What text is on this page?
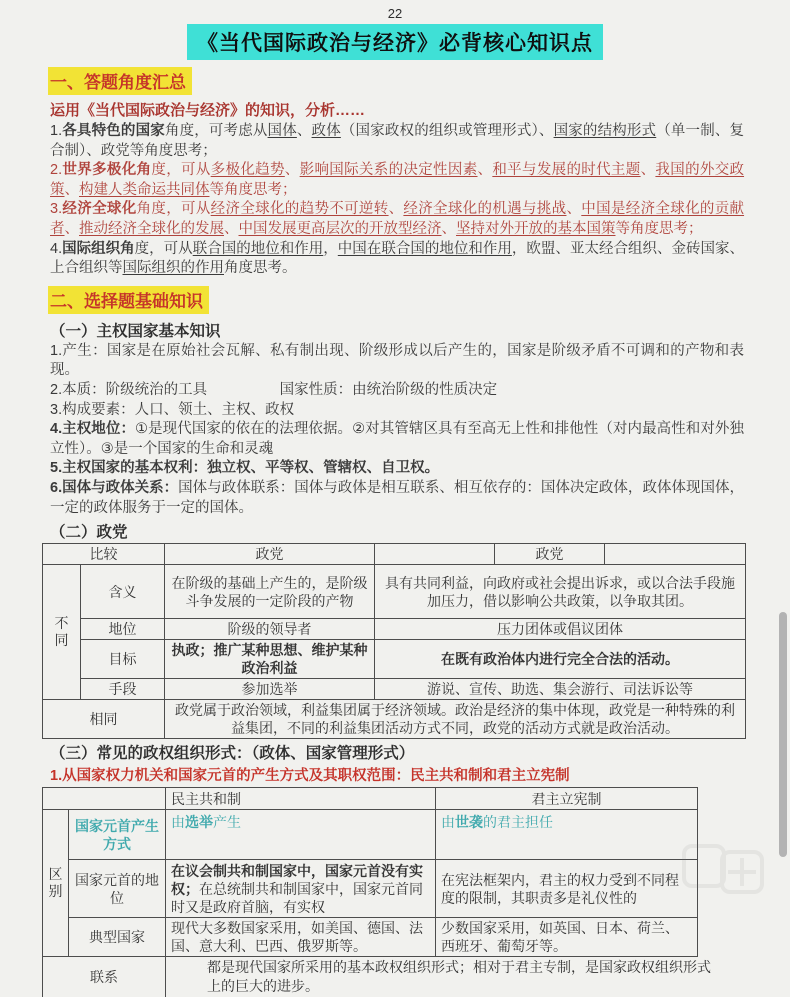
22
《当代国际政治与经济》必背核心知识点
一、答题角度汇总

运用《当代国际政治与经济》的知识，分析……

1.各具特色的国家角度，可考虑从国体、政体（国家政权的组织或管理形式）、国家的结构形式（单一制、复合制）、政党等角度思考；

2.世界多极化角度，可从多极化趋势、影响国际关系的决定性因素、和平与发展的时代主题、我国的外交政策、构建人类命运共同体等角度思考；

3.经济全球化角度，可从经济全球化的趋势不可逆转、经济全球化的机遇与挑战、中国是经济全球化的贡献者、推动经济全球化的发展、中国发展更高层次的开放型经济、坚持对外开放的基本国策等角度思考；

4.国际组织角度，可从联合国的地位和作用，中国在联合国的地位和作用，欧盟、亚太经合组织、金砖国家、上合组织等国际组织的作用角度思考。

二、选择题基础知识
（一）主权国家基本知识

1.产生：国家是在原始社会瓦解、私有制出现、阶级形成以后产生的，国家是阶级矛盾不可调和的产物和表现。

2.本质：阶级统治的工具　　　　　	国家性质：由统治阶级的性质决定

3.构成要素：人口、领土、主权、政权

4.主权地位：①是现代国家的依在的法理依据。②对其管辖区具有至高无上性和排他性（对内最高性和对外独立性）。③是一个国家的生命和灵魂

5.主权国家的基本权利：独立权、平等权、管辖权、自卫权。

6.国体与政体关系：国体与政体联系：国体与政体是相互联系、相互依存的：国体决定政体，政体体现国体，一定的政体服务于一定的国体。

（二）政党
比较		政党		政党	
不同	含义	在阶级的基础上产生的，是阶级斗争发展的一定阶段的产物	具有共同利益，向政府或社会提出诉求，或以合法手段施加压力，借以影响公共政策，以争取其团。		
	地位	阶级的领导者	压力团体或倡议团体		
	目标	执政；推广某种思想、维护某种政治利益	在既有政治体内进行完全合法的活动。		
	手段	参加选举	游说、宣传、助选、集会游行、司法诉讼等		
相同		政党属于政治领域，利益集团属于经济领域。政治是经济的集中体现，政党是一种特殊的利益集团，不同的利益集团活动方式不同，政党的活动方式就是政治活动。			
（三）常见的政权组织形式：（政体、国家管理形式）
1.从国家权力机关和国家元首的产生方式及其职权范围：民主共和制和君主立宪制
		民主共和制	君主立宪制
区别	国家元首产生方式	由选举产生	由世袭的君主担任
	国家元首的地位	在议会制共和制国家中，国家元首没有实权；在总统制共和制国家中，国家元首同时又是政府首脑，有实权	在宪法框架内，君主的权力受到不同程度的限制，其职责多是礼仪性的
	典型国家	现代大多数国家采用，如美国、德国、法国、意大利、巴西、俄罗斯等。	少数国家采用，如英国、日本、荷兰、西班牙、葡萄牙等。
联系		都是现代国家所采用的基本政权组织形式；相对于君主专制，是国家政权组织形式上的巨大的进步。	
